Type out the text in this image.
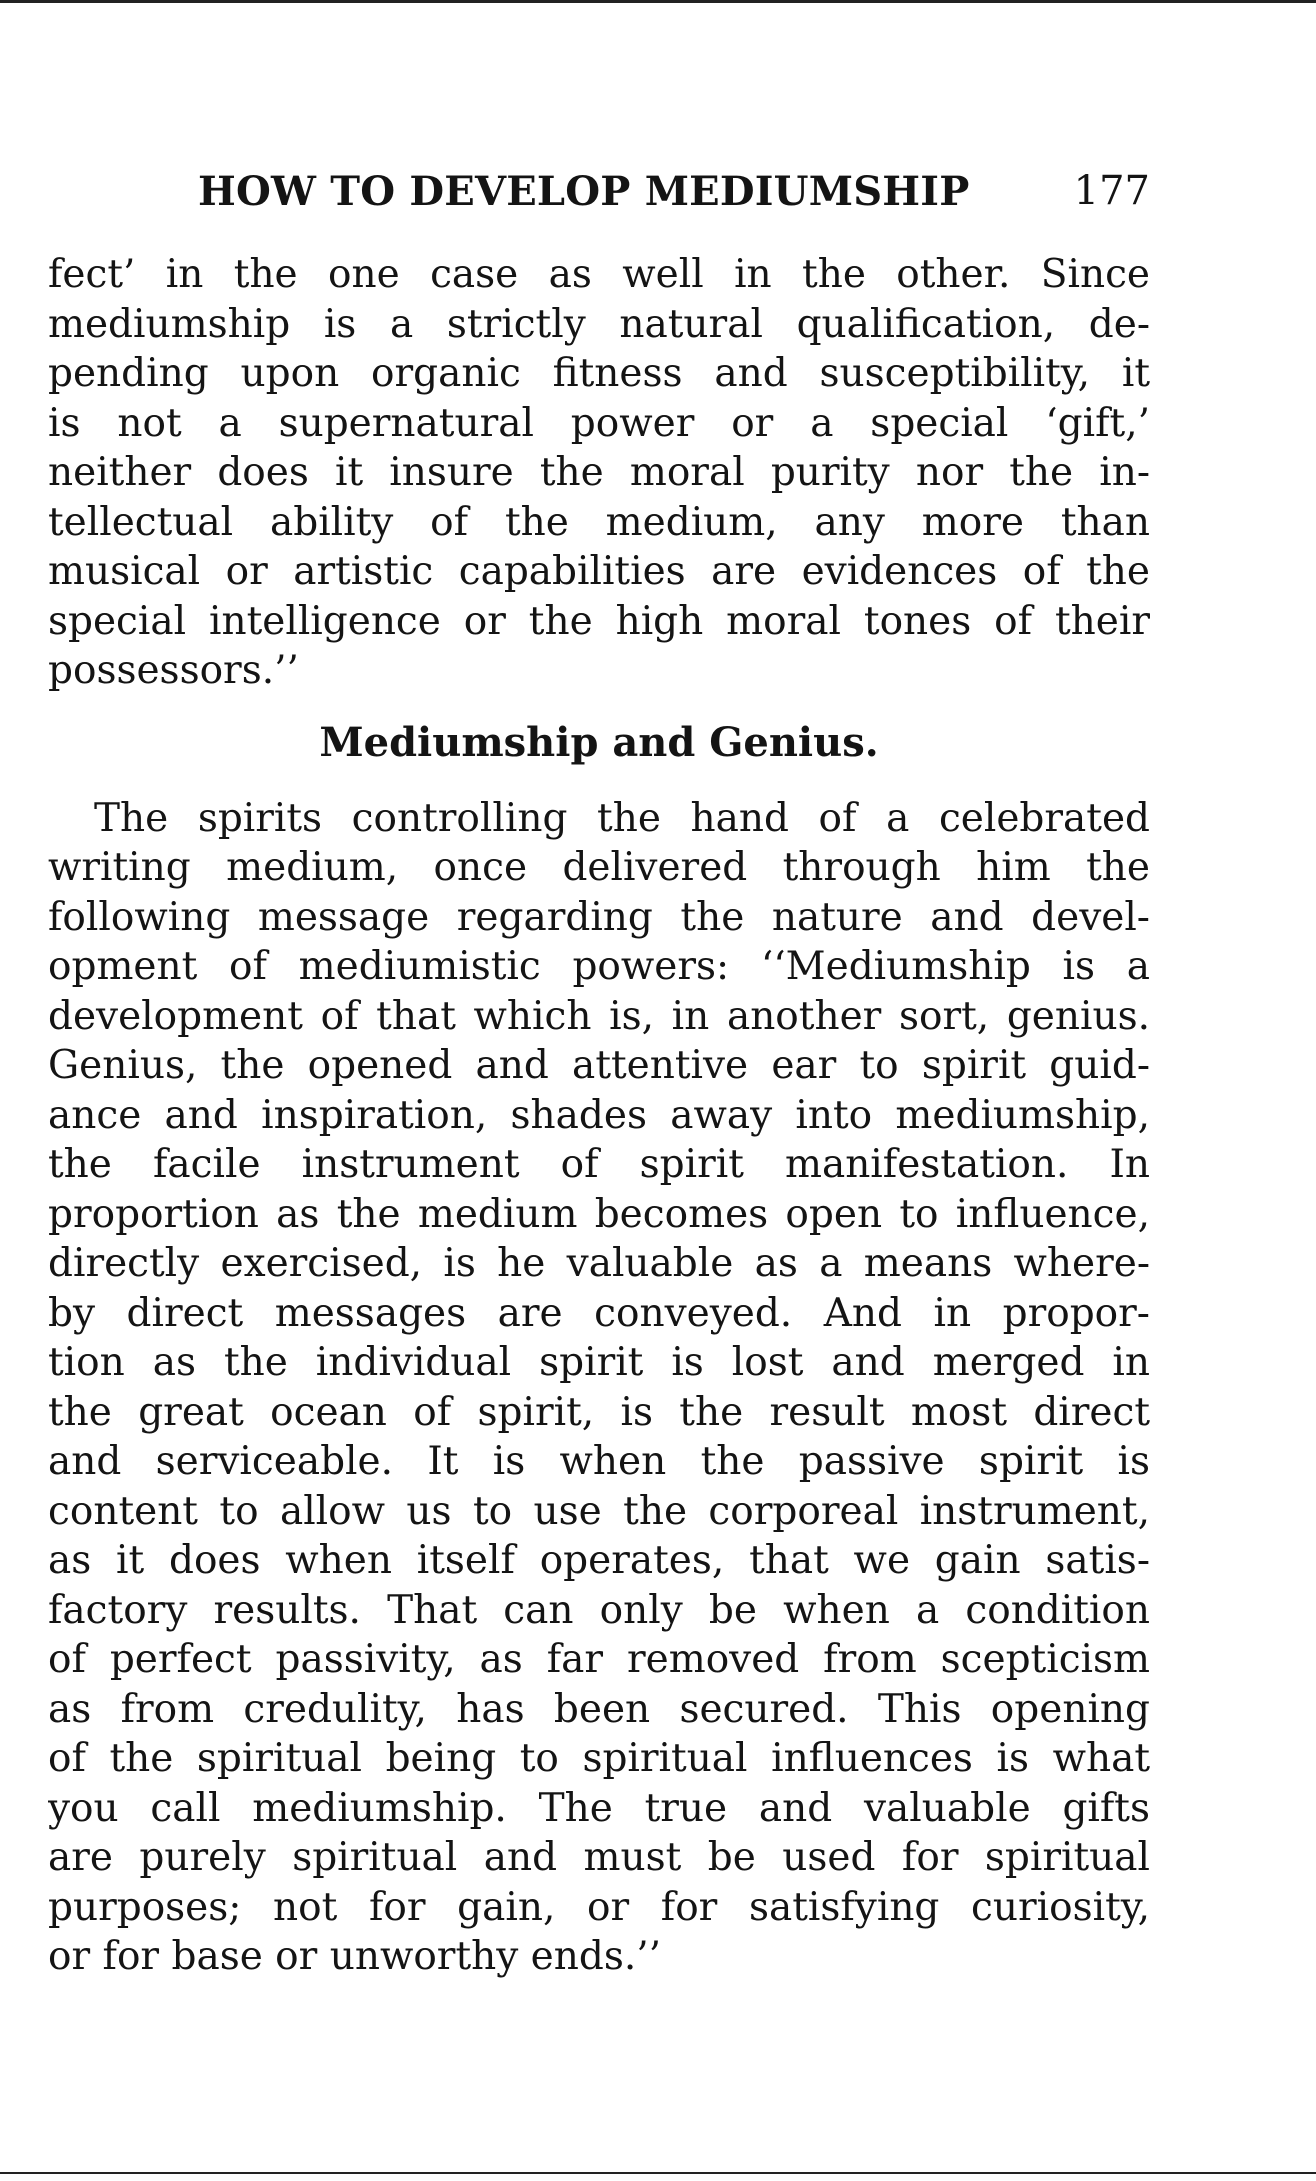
HOW TO DEVELOP MEDIUMSHIP	177
fect’ in the one case as well in the other. Since
mediumship is a strictly natural qualification, de-
pending upon organic fitness and susceptibility, it
is not a supernatural power or a special ‘gift,’
neither does it insure the moral purity nor the in-
tellectual ability of the medium, any more than
musical or artistic capabilities are evidences of the
special intelligence or the high moral tones of their
possessors.’’
Mediumship and Genius.
The spirits controlling the hand of a celebrated
writing medium, once delivered through him the
following message regarding the nature and devel-
opment of mediumistic powers: ‘‘Mediumship is a
development of that which is, in another sort, genius.
Genius, the opened and attentive ear to spirit guid-
ance and inspiration, shades away into mediumship,
the facile instrument of spirit manifestation. In
proportion as the medium becomes open to influence,
directly exercised, is he valuable as a means where-
by direct messages are conveyed. And in propor-
tion as the individual spirit is lost and merged in
the great ocean of spirit, is the result most direct
and serviceable. It is when the passive spirit is
content to allow us to use the corporeal instrument,
as it does when itself operates, that we gain satis-
factory results. That can only be when a condition
of perfect passivity, as far removed from scepticism
as from credulity, has been secured. This opening
of the spiritual being to spiritual influences is what
you call mediumship. The true and valuable gifts
are purely spiritual and must be used for spiritual
purposes; not for gain, or for satisfying curiosity,
or for base or unworthy ends.’’
